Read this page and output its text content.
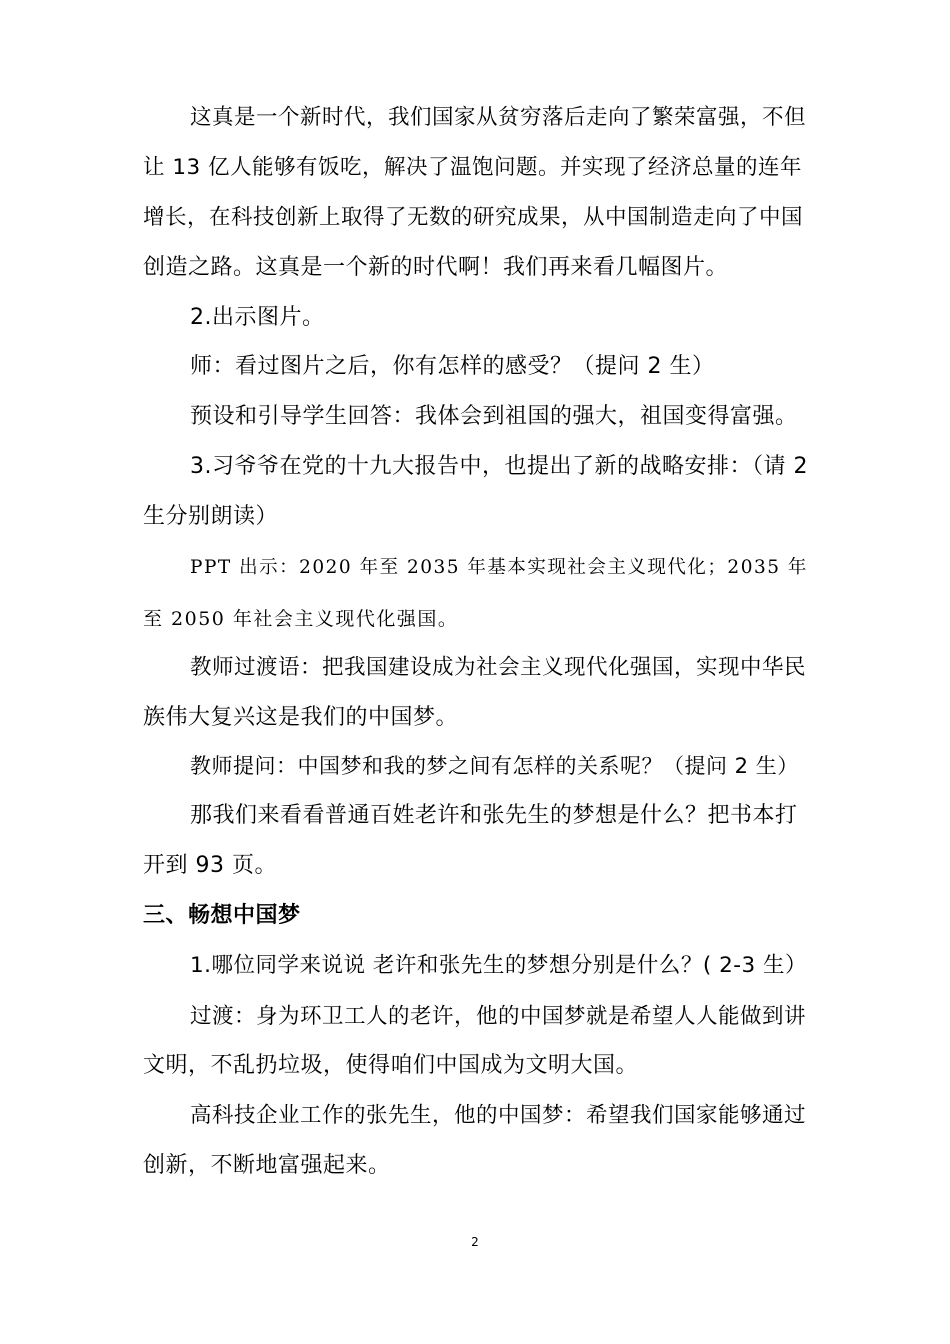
这真是一个新时代，我们国家从贫穷落后走向了繁荣富强，不但
让 13 亿人能够有饭吃，解决了温饱问题。并实现了经济总量的连年
增长，在科技创新上取得了无数的研究成果，从中国制造走向了中国
创造之路。这真是一个新的时代啊！我们再来看几幅图片。
2.出示图片。
师：看过图片之后，你有怎样的感受？（提问 2 生）
预设和引导学生回答：我体会到祖国的强大，祖国变得富强。
3.习爷爷在党的十九大报告中，也提出了新的战略安排：（请 2
生分别朗读）
PPT 出示：2020 年至 2035 年基本实现社会主义现代化；2035 年
至 2050 年社会主义现代化强国。
教师过渡语：把我国建设成为社会主义现代化强国，实现中华民
族伟大复兴这是我们的中国梦。
教师提问：中国梦和我的梦之间有怎样的关系呢？（提问 2 生）
那我们来看看普通百姓老许和张先生的梦想是什么？把书本打
开到 93 页。
三、畅想中国梦
1.哪位同学来说说 老许和张先生的梦想分别是什么？( 2-3 生）
过渡：身为环卫工人的老许，他的中国梦就是希望人人能做到讲
文明，不乱扔垃圾，使得咱们中国成为文明大国。
高科技企业工作的张先生，他的中国梦：希望我们国家能够通过
创新，不断地富强起来。
2
